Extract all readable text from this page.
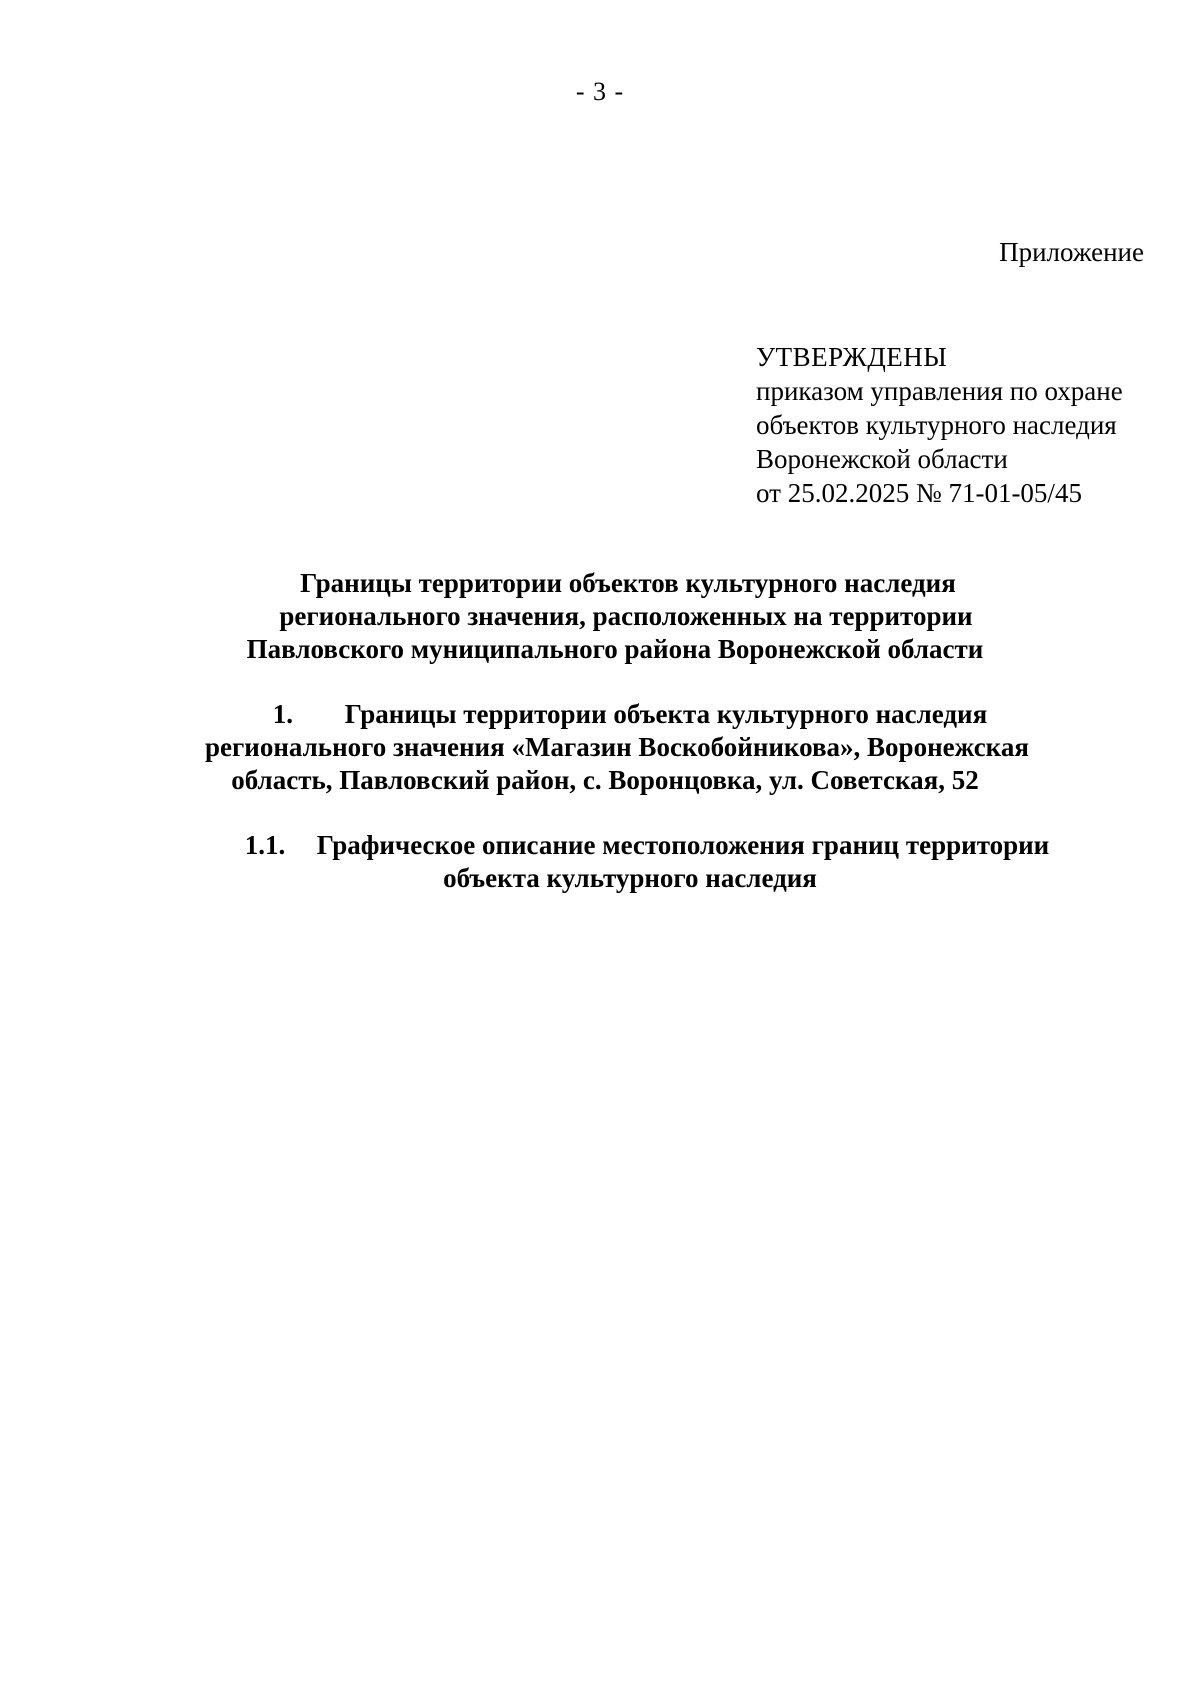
- 3 -
Приложение
УТВЕРЖДЕНЫ
приказом управления по охране
объектов культурного наследия
Воронежской области
от 25.02.2025 № 71-01-05/45
Границы территории объектов культурного наследия
регионального значения, расположенных на территории
Павловского муниципального района Воронежской области
1. Границы территории объекта культурного наследия
регионального значения «Магазин Воскобойникова», Воронежская
область, Павловский район, с. Воронцовка, ул. Советская, 52
1.1. Графическое описание местоположения границ территории
объекта культурного наследия
